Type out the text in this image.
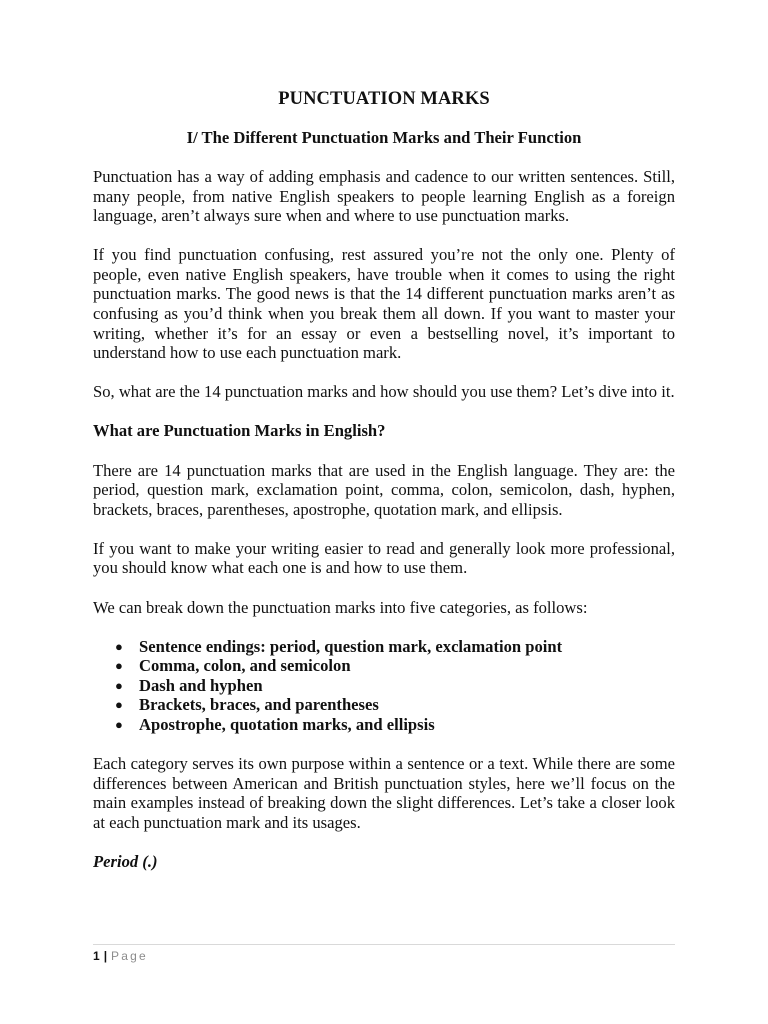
PUNCTUATION MARKS
I/ The Different Punctuation Marks and Their Function

Punctuation has a way of adding emphasis and cadence to our written sentences. Still, many people, from native English speakers to people learning English as a foreign language, aren’t always sure when and where to use punctuation marks.

If you find punctuation confusing, rest assured you’re not the only one. Plenty of people, even native English speakers, have trouble when it comes to using the right punctuation marks. The good news is that the 14 different punctuation marks aren’t as confusing as you’d think when you break them all down. If you want to master your writing, whether it’s for an essay or even a bestselling novel, it’s important to understand how to use each punctuation mark.

So, what are the 14 punctuation marks and how should you use them? Let’s dive into it.

What are Punctuation Marks in English?

There are 14 punctuation marks that are used in the English language. They are: the period, question mark, exclamation point, comma, colon, semicolon, dash, hyphen, brackets, braces, parentheses, apostrophe, quotation mark, and ellipsis.

If you want to make your writing easier to read and generally look more professional, you should know what each one is and how to use them.

We can break down the punctuation marks into five categories, as follows:

● Sentence endings: period, question mark, exclamation point
● Comma, colon, and semicolon
● Dash and hyphen
● Brackets, braces, and parentheses
● Apostrophe, quotation marks, and ellipsis

Each category serves its own purpose within a sentence or a text. While there are some differences between American and British punctuation styles, here we’ll focus on the main examples instead of breaking down the slight differences. Let’s take a closer look at each punctuation mark and its usages.

Period (.)
1 | Page
